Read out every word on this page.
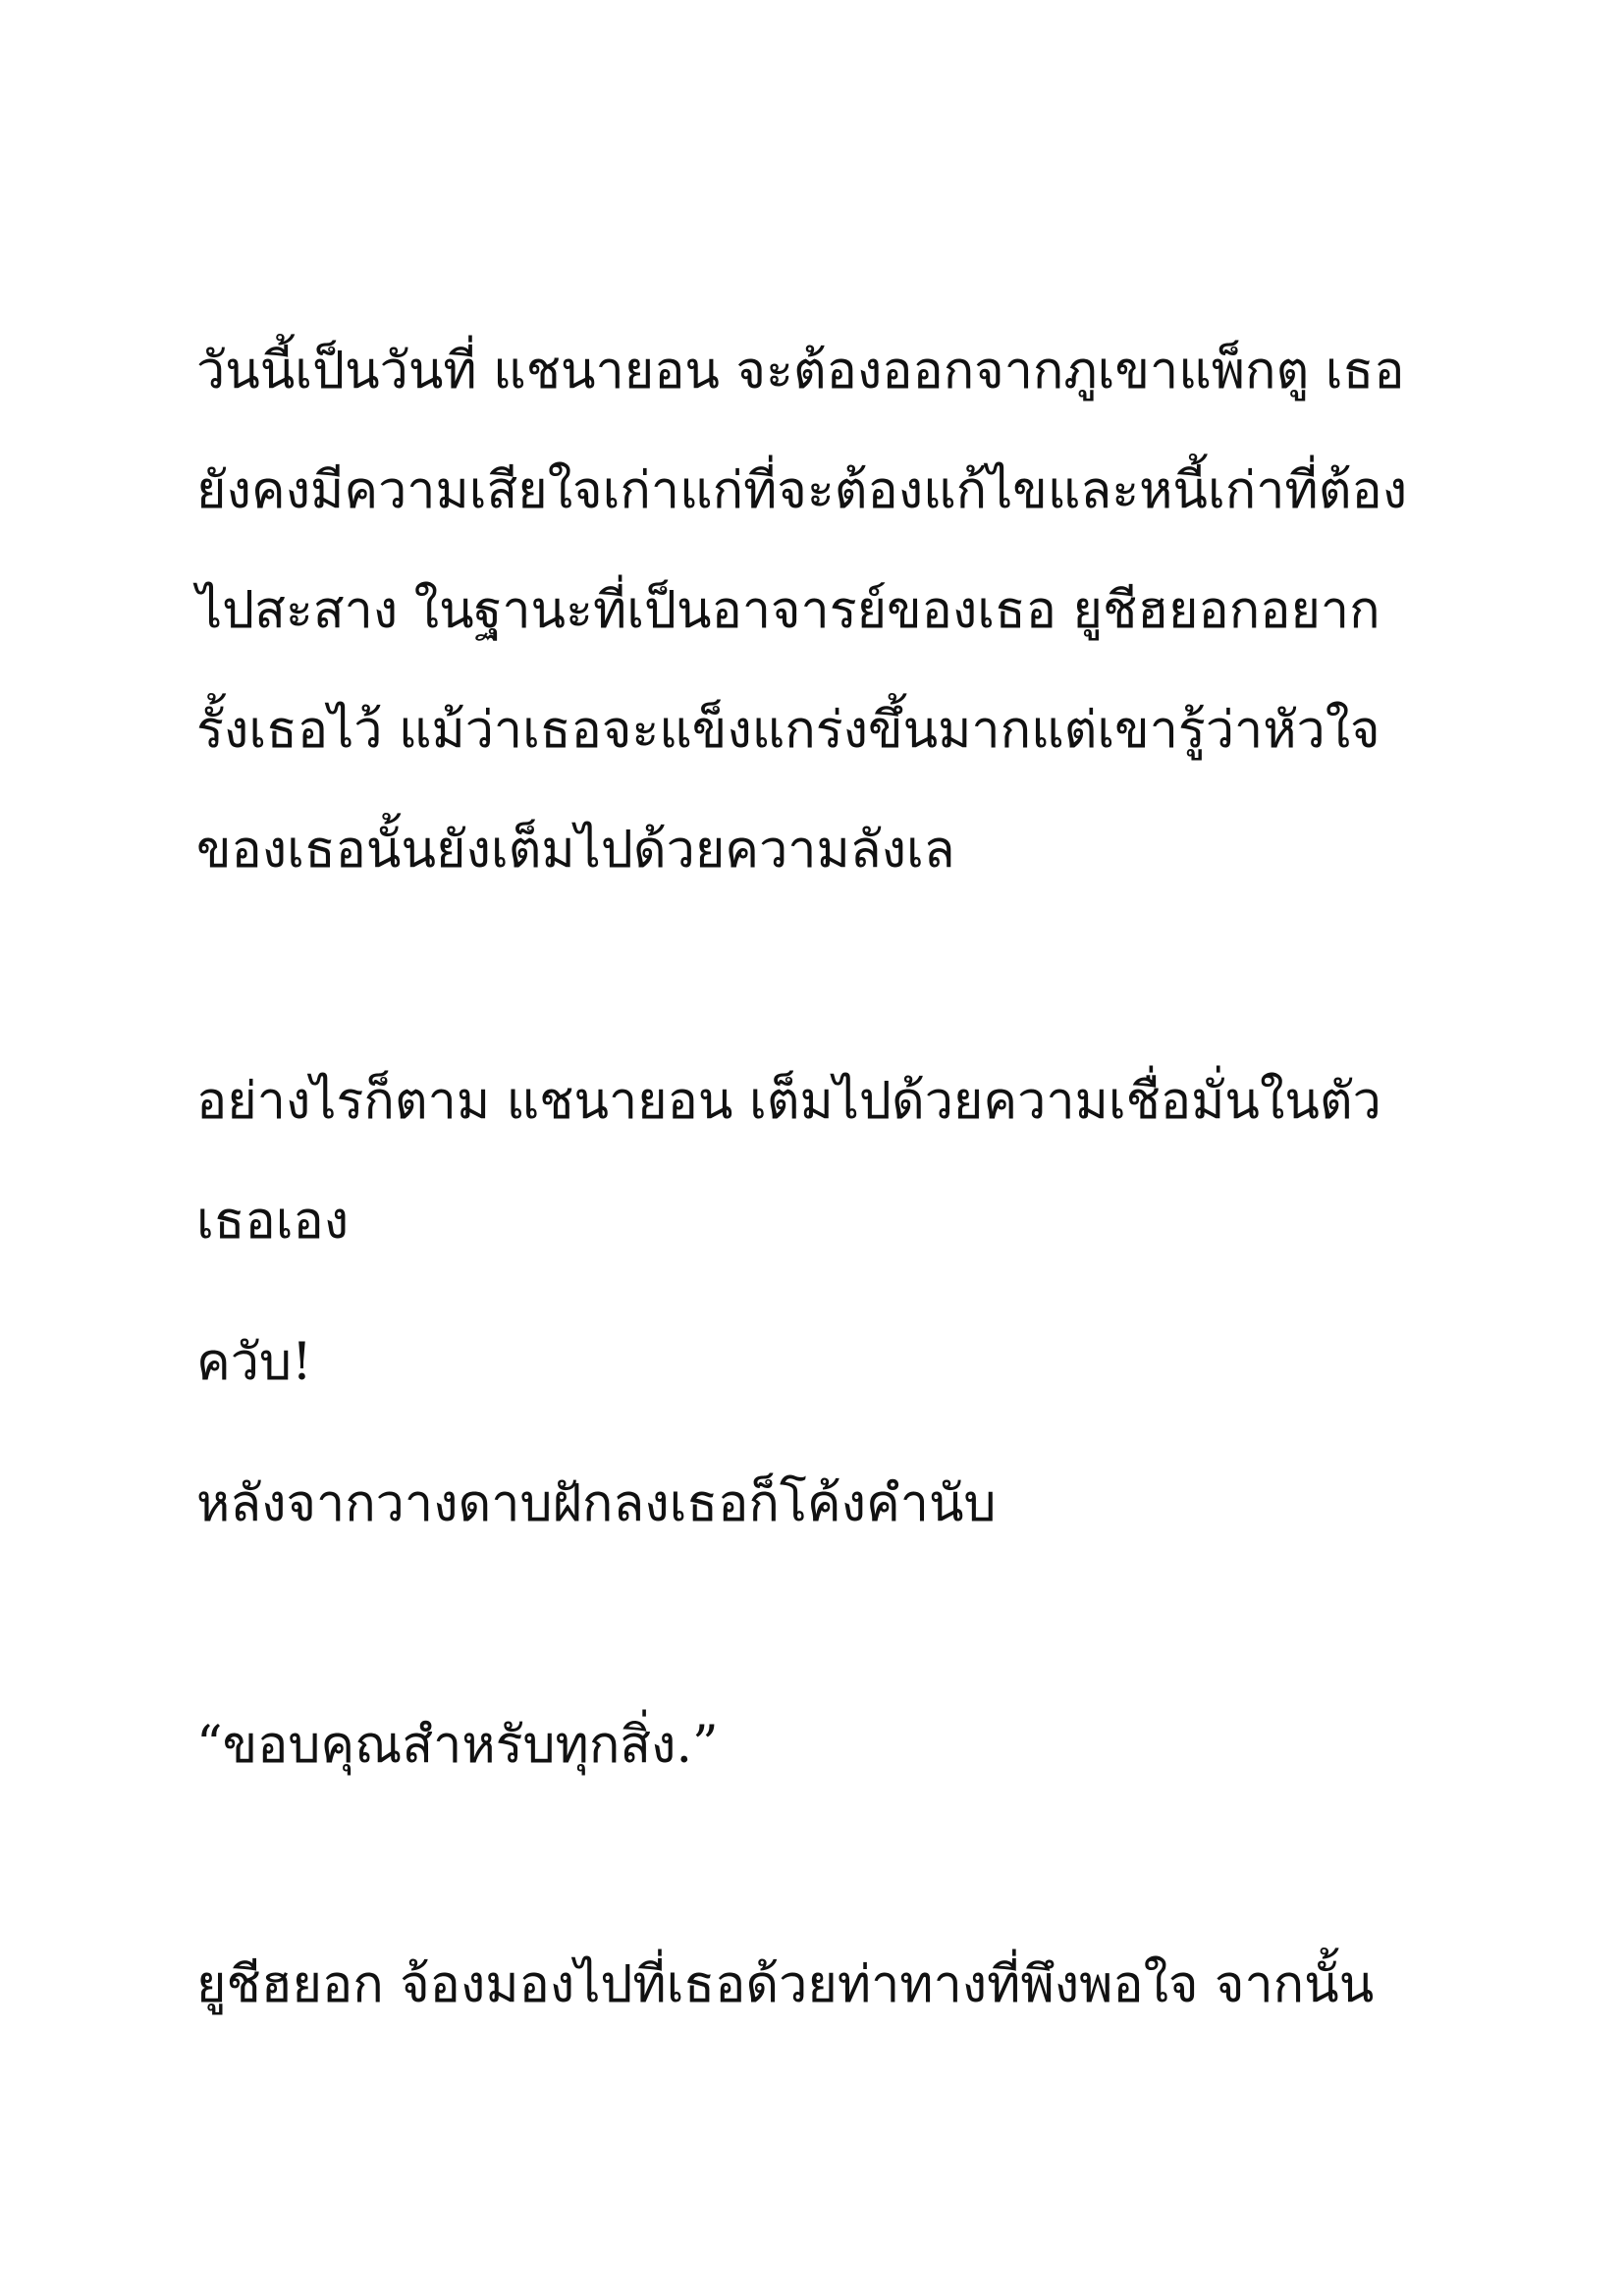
วันนี้เป็นวันที่ แชนายอน จะต้องออกจากภูเขาแพ็กตู เธอ
ยังคงมีความเสียใจเก่าแก่ที่จะต้องแก้ไขและหนี้เก่าที่ต้อง
ไปสะสาง ในฐานะที่เป็นอาจารย์ของเธอ ยูชีฮยอกอยาก
รั้งเธอไว้ แม้ว่าเธอจะแข็งแกร่งขึ้นมากแต่เขารู้ว่าหัวใจ
ของเธอนั้นยังเต็มไปด้วยความลังเล
อย่างไรก็ตาม แชนายอน เต็มไปด้วยความเชื่อมั่นในตัว
เธอเอง
ควับ!
หลังจากวางดาบฝักลงเธอก็โค้งคำนับ
“ขอบคุณสำหรับทุกสิ่ง.”
ยูชีฮยอก จ้องมองไปที่เธอด้วยท่าทางที่พึงพอใจ จากนั้น
